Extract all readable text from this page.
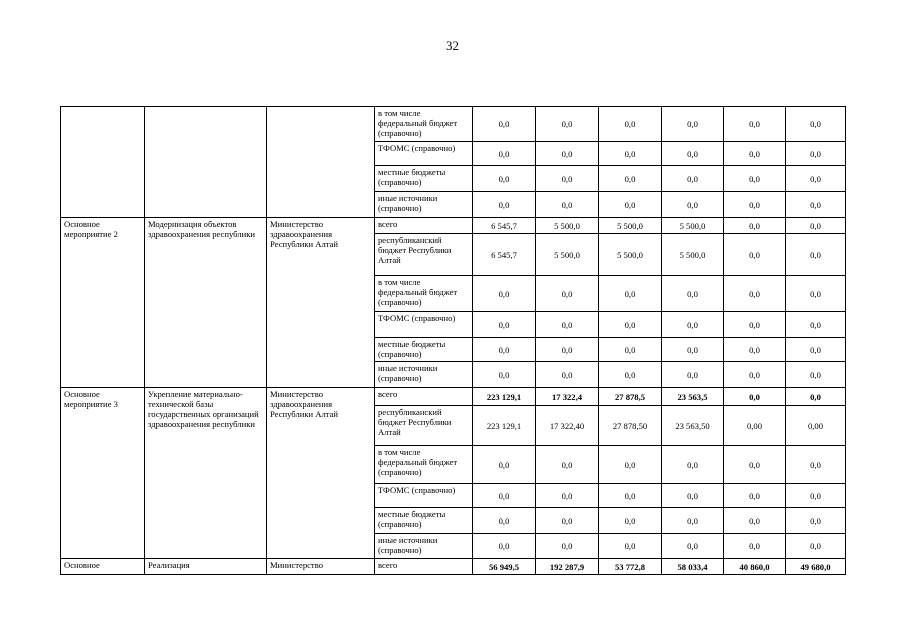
32
			в том числе федеральный бюджет (справочно)	0,0	0,0	0,0	0,0	0,0	0,0
			ТФОМС (справочно)	0,0	0,0	0,0	0,0	0,0	0,0
			местные бюджеты (справочно)	0,0	0,0	0,0	0,0	0,0	0,0
			иные источники (справочно)	0,0	0,0	0,0	0,0	0,0	0,0
Основное мероприятие 2	Модернизация объектов здравоохранения республики	Министерство здравоохранения Республики Алтай	всего	6 545,7	5 500,0	5 500,0	5 500,0	0,0	0,0
			республиканский бюджет Республики Алтай	6 545,7	5 500,0	5 500,0	5 500,0	0,0	0,0
			в том числе федеральный бюджет (справочно)	0,0	0,0	0,0	0,0	0,0	0,0
			ТФОМС (справочно)	0,0	0,0	0,0	0,0	0,0	0,0
			местные бюджеты (справочно)	0,0	0,0	0,0	0,0	0,0	0,0
			иные источники (справочно)	0,0	0,0	0,0	0,0	0,0	0,0
Основное мероприятие 3	Укрепление материально-технической базы государственных организаций здравоохранения республики	Министерство здравоохранения Республики Алтай	всего	223 129,1	17 322,4	27 878,5	23 563,5	0,0	0,0
			республиканский бюджет Республики Алтай	223 129,1	17 322,40	27 878,50	23 563,50	0,00	0,00
			в том числе федеральный бюджет (справочно)	0,0	0,0	0,0	0,0	0,0	0,0
			ТФОМС (справочно)	0,0	0,0	0,0	0,0	0,0	0,0
			местные бюджеты (справочно)	0,0	0,0	0,0	0,0	0,0	0,0
			иные источники (справочно)	0,0	0,0	0,0	0,0	0,0	0,0
Основное	Реализация	Министерство	всего	56 949,5	192 287,9	53 772,8	58 033,4	40 860,0	49 680,0
